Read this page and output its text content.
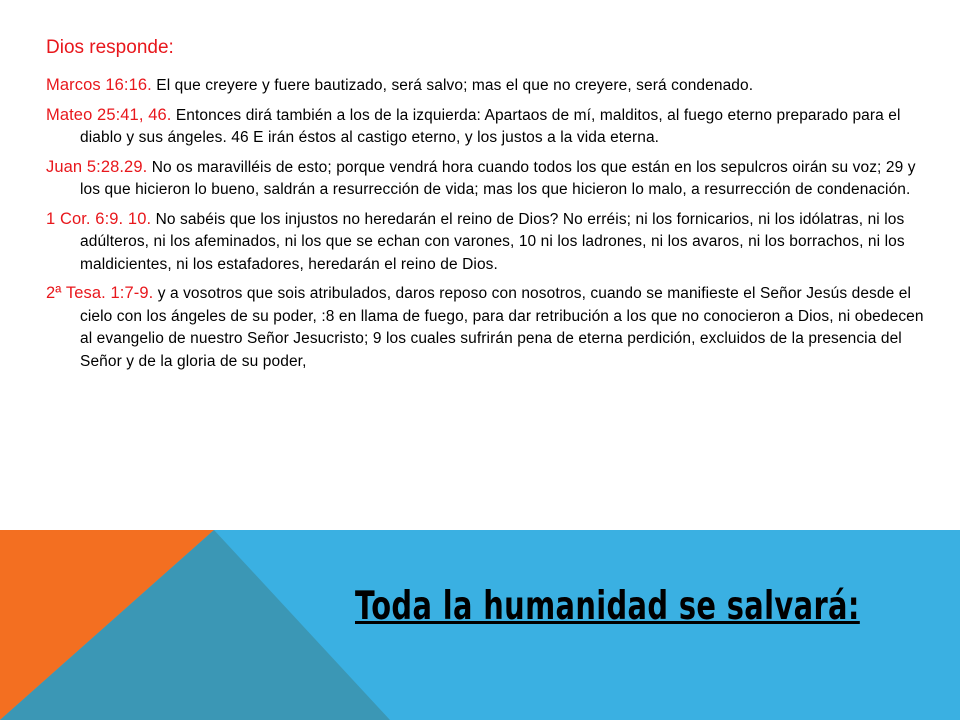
Dios responde:

Marcos 16:16. El que creyere y fuere bautizado, será salvo; mas el que no creyere, será condenado.

Mateo 25:41, 46. Entonces dirá también a los de la izquierda: Apartaos de mí, malditos, al fuego eterno preparado para el diablo y sus ángeles. 46 E irán éstos al castigo eterno, y los justos a la vida eterna.

Juan 5:28.29. No os maravilléis de esto; porque vendrá hora cuando todos los que están en los sepulcros oirán su voz; 29 y los que hicieron lo bueno, saldrán a resurrección de vida; mas los que hicieron lo malo, a resurrección de condenación.

1 Cor. 6:9. 10. No sabéis que los injustos no heredarán el reino de Dios? No erréis; ni los fornicarios, ni los idólatras, ni los adúlteros, ni los afeminados, ni los que se echan con varones, 10 ni los ladrones, ni los avaros, ni los borrachos, ni los maldicientes, ni los estafadores, heredarán el reino de Dios.

2ª Tesa. 1:7-9. y a vosotros que sois atribulados, daros reposo con nosotros, cuando se manifieste el Señor Jesús desde el cielo con los ángeles de su poder, :8 en llama de fuego, para dar retribución a los que no conocieron a Dios, ni obedecen al evangelio de nuestro Señor Jesucristo; 9 los cuales sufrirán pena de eterna perdición, excluidos de la presencia del Señor y de la gloria de su poder,

Toda la humanidad se salvará:
